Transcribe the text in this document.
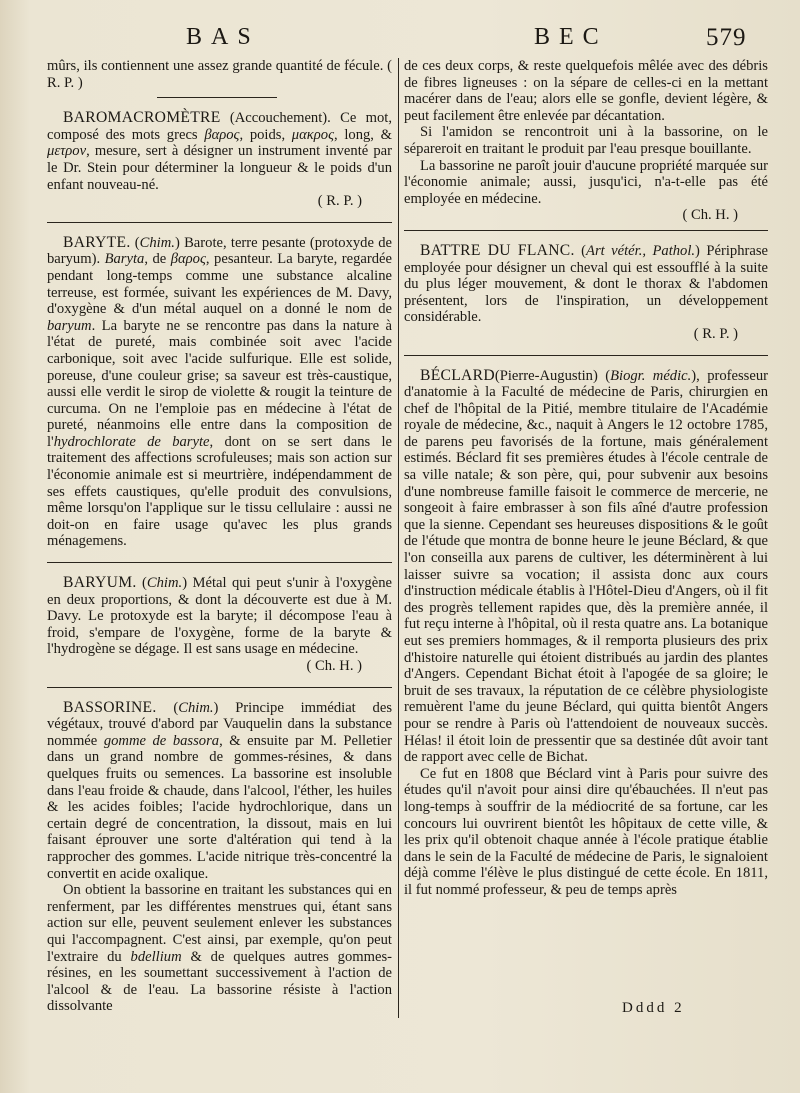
BAS	BEC	579

mûrs, ils contiennent une assez grande quantité de fécule. ( R. P. )

BAROMACROMÈTRE (Accouchement). Ce mot, composé des mots grecs βαρος, poids, μακρος, long, & μετρον, mesure, sert à désigner un instrument inventé par le Dr. Stein pour déterminer la longueur & le poids d'un enfant nouveau-né.

( R. P. )

BARYTE. (Chim.) Barote, terre pesante (protoxyde de baryum). Baryta, de βαρος, pesanteur. La baryte, regardée pendant long-temps comme une substance alcaline terreuse, est formée, suivant les expériences de M. Davy, d'oxygène & d'un métal auquel on a donné le nom de baryum. La baryte ne se rencontre pas dans la nature à l'état de pureté, mais combinée soit avec l'acide carbonique, soit avec l'acide sulfurique. Elle est solide, poreuse, d'une couleur grise; sa saveur est très-caustique, aussi elle verdit le sirop de violette & rougit la teinture de curcuma. On ne l'emploie pas en médecine à l'état de pureté, néanmoins elle entre dans la composition de l'hydrochlorate de baryte, dont on se sert dans le traitement des affections scrofuleuses; mais son action sur l'économie animale est si meurtrière, indépendamment de ses effets caustiques, qu'elle produit des convulsions, même lorsqu'on l'applique sur le tissu cellulaire : aussi ne doit-on en faire usage qu'avec les plus grands ménagemens.

BARYUM. (Chim.) Métal qui peut s'unir à l'oxygène en deux proportions, & dont la découverte est due à M. Davy. Le protoxyde est la baryte; il décompose l'eau à froid, s'empare de l'oxygène, forme de la baryte & l'hydrogène se dégage. Il est sans usage en médecine.

( Ch. H. )

BASSORINE. (Chim.) Principe immédiat des végétaux, trouvé d'abord par Vauquelin dans la substance nommée gomme de bassora, & ensuite par M. Pelletier dans un grand nombre de gommes-résines, & dans quelques fruits ou semences. La bassorine est insoluble dans l'eau froide & chaude, dans l'alcool, l'éther, les huiles & les acides foibles; l'acide hydrochlorique, dans un certain degré de concentration, la dissout, mais en lui faisant éprouver une sorte d'altération qui tend à la rapprocher des gommes. L'acide nitrique très-concentré la convertit en acide oxalique.

On obtient la bassorine en traitant les substances qui en renferment, par les différentes menstrues qui, étant sans action sur elle, peuvent seulement enlever les substances qui l'accompagnent. C'est ainsi, par exemple, qu'on peut l'extraire du bdellium & de quelques autres gommes-résines, en les soumettant successivement à l'action de l'alcool & de l'eau. La bassorine résiste à l'action dissolvante

de ces deux corps, & reste quelquefois mêlée avec des débris de fibres ligneuses : on la sépare de celles-ci en la mettant macérer dans de l'eau; alors elle se gonfle, devient légère, & peut facilement être enlevée par décantation.

Si l'amidon se rencontroit uni à la bassorine, on le sépareroit en traitant le produit par l'eau presque bouillante.

La bassorine ne paroît jouir d'aucune propriété marquée sur l'économie animale; aussi, jusqu'ici, n'a-t-elle pas été employée en médecine.

( Ch. H. )

BATTRE DU FLANC. (Art vétér., Pathol.) Périphrase employée pour désigner un cheval qui est essoufflé à la suite du plus léger mouvement, & dont le thorax & l'abdomen présentent, lors de l'inspiration, un développement considérable.

( R. P. )

BÉCLARD(Pierre-Augustin) (Biogr. médic.), professeur d'anatomie à la Faculté de médecine de Paris, chirurgien en chef de l'hôpital de la Pitié, membre titulaire de l'Académie royale de médecine, &c., naquit à Angers le 12 octobre 1785, de parens peu favorisés de la fortune, mais généralement estimés. Béclard fit ses premières études à l'école centrale de sa ville natale; & son père, qui, pour subvenir aux besoins d'une nombreuse famille faisoit le commerce de mercerie, ne songeoit à faire embrasser à son fils aîné d'autre profession que la sienne. Cependant ses heureuses dispositions & le goût de l'étude que montra de bonne heure le jeune Béclard, & que l'on conseilla aux parens de cultiver, les déterminèrent à lui laisser suivre sa vocation; il assista donc aux cours d'instruction médicale établis à l'Hôtel-Dieu d'Angers, où il fit des progrès tellement rapides que, dès la première année, il fut reçu interne à l'hôpital, où il resta quatre ans. La botanique eut ses premiers hommages, & il remporta plusieurs des prix d'histoire naturelle qui étoient distribués au jardin des plantes d'Angers. Cependant Bichat étoit à l'apogée de sa gloire; le bruit de ses travaux, la réputation de ce célèbre physiologiste remuèrent l'ame du jeune Béclard, qui quitta bientôt Angers pour se rendre à Paris où l'attendoient de nouveaux succès. Hélas! il étoit loin de pressentir que sa destinée dût avoir tant de rapport avec celle de Bichat.

Ce fut en 1808 que Béclard vint à Paris pour suivre des études qu'il n'avoit pour ainsi dire qu'ébauchées. Il n'eut pas long-temps à souffrir de la médiocrité de sa fortune, car les concours lui ouvrirent bientôt les hôpitaux de cette ville, & les prix qu'il obtenoit chaque année à l'école pratique établie dans le sein de la Faculté de médecine de Paris, le signaloient déjà comme l'élève le plus distingué de cette école. En 1811, il fut nommé professeur, & peu de temps après

Dddd 2
